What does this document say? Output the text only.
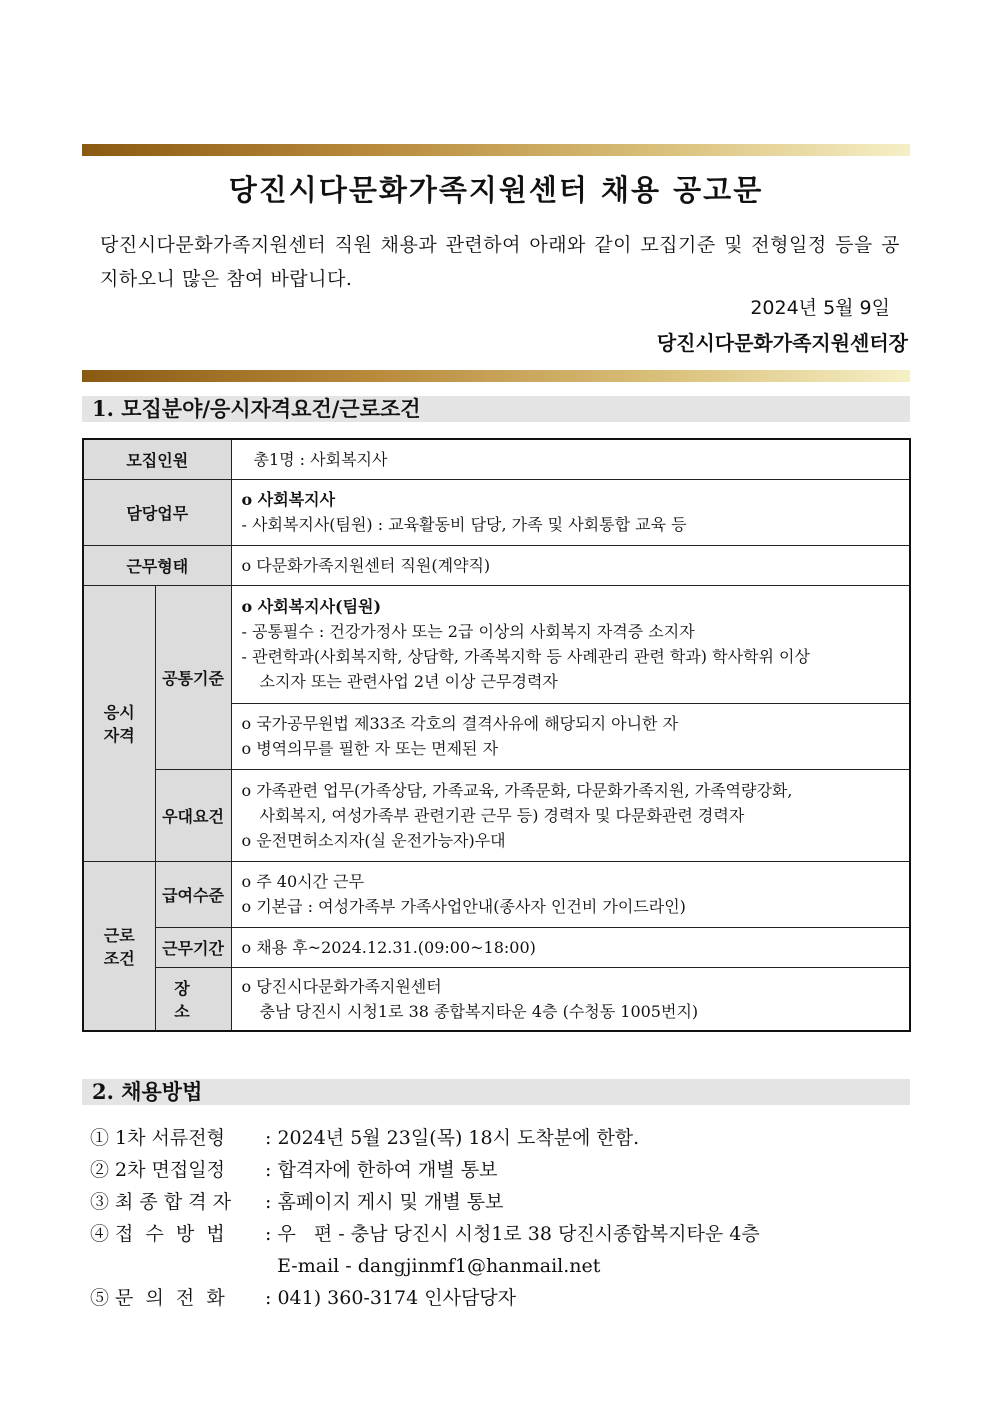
당진시다문화가족지원센터 채용 공고문
당진시다문화가족지원센터 직원 채용과 관련하여 아래와 같이 모집기준 및 전형일정 등을 공지하오니 많은 참여 바랍니다.
2024년 5월 9일
당진시다문화가족지원센터장
1. 모집분야/응시자격요건/근로조건
모집인원		총1명 : 사회복지사
담당업무		o 사회복지사
- 사회복지사(팀원) : 교육활동비 담당, 가족 및 사회통합 교육 등

근무형태		o 다문화가족지원센터 직원(계약직)

응시
자격	공통기준	o 사회복지사(팀원)
- 공통필수 : 건강가정사 또는 2급 이상의 사회복지 자격증 소지자
- 관련학과(사회복지학, 상담학, 가족복지학 등 사례관리 관련 학과) 학사학위 이상
소지자 또는 관련사업 2년 이상 근무경력자

		o 국가공무원법 제33조 각호의 결격사유에 해당되지 아니한 자
o 병역의무를 필한 자 또는 면제된 자

	우대요건	o 가족관련 업무(가족상담, 가족교육, 가족문화, 다문화가족지원, 가족역량강화,
사회복지, 여성가족부 관련기관 근무 등) 경력자 및 다문화관련 경력자
o 운전면허소지자(실 운전가능자)우대

근로
조건	급여수준	o 주 40시간 근무
o 기본급 : 여성가족부 가족사업안내(종사자 인건비 가이드라인)

	근무기간	o 채용 후~2024.12.31.(09:00~18:00)
	장 소	o 당진시다문화가족지원센터
충남 당진시 시청1로 38 종합복지타운 4층 (수청동 1005번지)
2. 채용방법
① 1차 서류전형	: 2024년 5월 23일(목) 18시 도착분에 한함.
② 2차 면접일정	: 합격자에 한하여 개별 통보
③ 최 종 합 격 자	: 홈페이지 게시 및 개별 통보
④ 접  수  방  법	: 우   편 - 충남 당진시 시청1로 38 당진시종합복지타운 4층
E-mail - dangjinmf1@hanmail.net
⑤ 문  의  전  화	: 041) 360-3174 인사담당자
